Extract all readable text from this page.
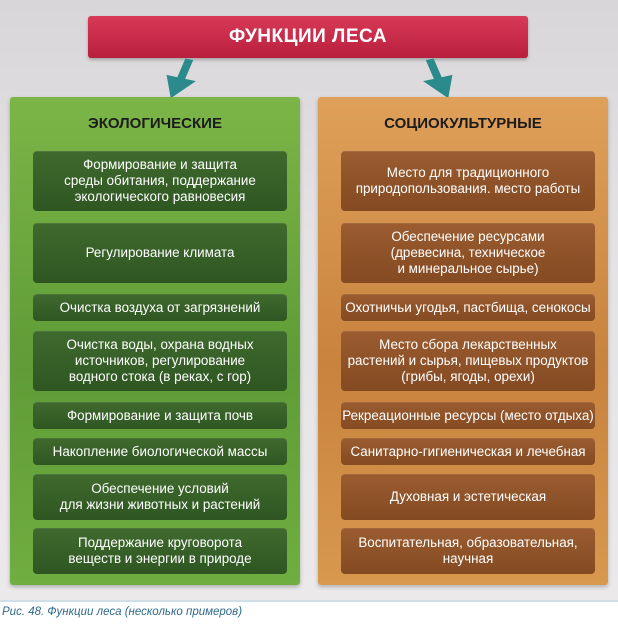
ФУНКЦИИ ЛЕСА
ЭКОЛОГИЧЕСКИЕ
Формирование и защита
среды обитания, поддержание
экологического равновесия
Регулирование климата
Очистка воздуха от загрязнений
Очистка воды, охрана водных
источников, регулирование
водного стока (в реках, с гор)
Формирование и защита почв
Накопление биологической массы
Обеспечение условий
для жизни животных и растений
Поддержание круговорота
веществ и энергии в природе
СОЦИОКУЛЬТУРНЫЕ
Место для традиционного
природопользования. место работы
Обеспечение ресурсами
(древесина, техническое
и минеральное сырье)
Охотничьи угодья, пастбища, сенокосы
Место сбора лекарственных
растений и сырья, пищевых продуктов
(грибы, ягоды, орехи)
Рекреационные ресурсы (место отдыха)
Санитарно-гигиеническая и лечебная
Духовная и эстетическая
Воспитательная, образовательная,
научная
Рис. 48. Функции леса (несколько примеров)
